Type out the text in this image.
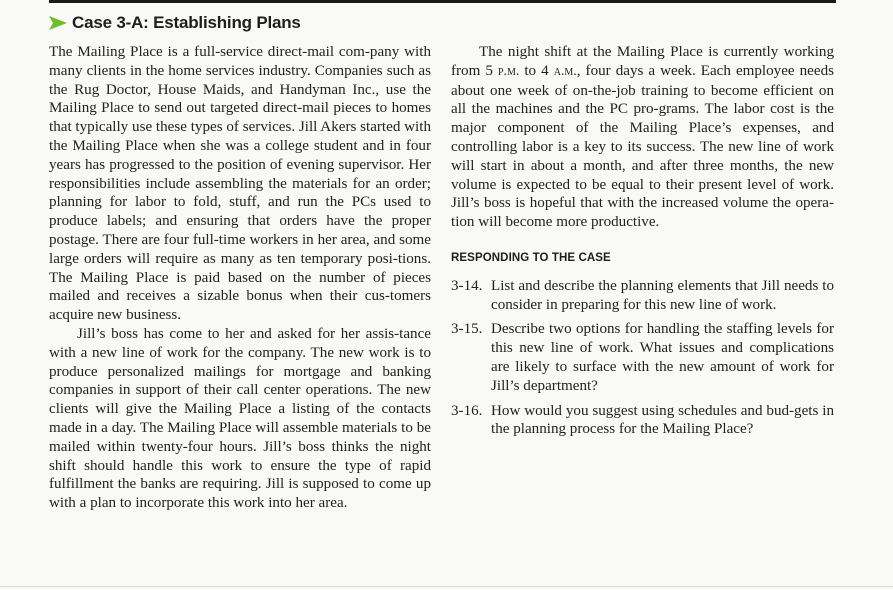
Case 3-A: Establishing Plans

The Mailing Place is a full-service direct-mail com-pany with many clients in the home services industry. Companies such as the Rug Doctor, House Maids, and Handyman Inc., use the Mailing Place to send out targeted direct-mail pieces to homes that typically use these types of services. Jill Akers started with the Mailing Place when she was a college student and in four years has progressed to the position of evening supervisor. Her responsibilities include assembling the materials for an order; planning for labor to fold, stuff, and run the PCs used to produce labels; and ensuring that orders have the proper postage. There are four full-time workers in her area, and some large orders will require as many as ten temporary posi-tions. The Mailing Place is paid based on the number of pieces mailed and receives a sizable bonus when their cus-tomers acquire new business.

Jill’s boss has come to her and asked for her assis-tance with a new line of work for the company. The new work is to produce personalized mailings for mortgage and banking companies in support of their call center operations. The new clients will give the Mailing Place a listing of the contacts made in a day. The Mailing Place will assemble materials to be mailed within twenty-four hours. Jill’s boss thinks the night shift should handle this work to ensure the type of rapid fulfillment the banks are requiring. Jill is supposed to come up with a plan to incorporate this work into her area.

The night shift at the Mailing Place is currently working from 5 p.m. to 4 a.m., four days a week. Each employee needs about one week of on-the-job training to become efficient on all the machines and the PC pro-grams. The labor cost is the major component of the Mailing Place’s expenses, and controlling labor is a key to its success. The new line of work will start in about a month, and after three months, the new volume is expected to be equal to their present level of work. Jill’s boss is hopeful that with the increased volume the opera-tion will become more productive.

RESPONDING TO THE CASE
3-14. List and describe the planning elements that Jill needs to consider in preparing for this new line of work.
3-15. Describe two options for handling the staffing levels for this new line of work. What issues and complications are likely to surface with the new amount of work for Jill’s department?
3-16. How would you suggest using schedules and bud-gets in the planning process for the Mailing Place?
